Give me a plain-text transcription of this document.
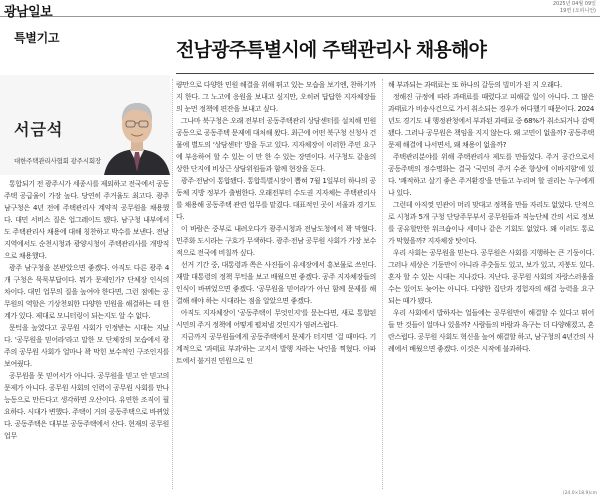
광남일보
2025년 04월 09일
19면 (오피니언)
특별기고
전남광주특별시에 주택관리사 채용해야
서금석
대한주택관리사협회 광주시회장

통합되기 전 광주시가 세종시를 제외하고 전국에서 공동주택 공급율이 가장 높다. 당연히 주거율도 최고다. 광주 남구청은 4년 전에 주택관리사 계약직 공무원을 채용했다. 대민 서비스 질은 업그레이드 됐다. 남구청 내부에서도 주택관리사 채용에 대해 칭찬하고 박수를 보낸다. 전남지역에서도 순천시청과 광양시청이 주택관리사를 개방직으로 채용했다.

광주 남구청을 본받았으면 좋겠다. 아직도 다른 광주 4개 구청은 묵묵부답이다. 뭐가 문제인가? 단체장 인식의 차이다. 대민 업무의 질을 높여야 한다면, 그런 점에는 공무원의 역할은 기상천외한 다양한 민원을 해결하는 데 한계가 있다. 제대로 모니터링이 되는지도 알 수 없다.

문턱을 높였다고 공무원 사회가 인정받는 시대는 지났다. '공무원을 믿어라'라고 말한 모 단체장의 모습에서 광주의 공무원 사회가 얼마나 꽉 막힌 보수적인 구조인지를 보여줬다.

공무원을 못 믿어서가 아니다. 공무원을 믿고 안 믿고의 문제가 아니다. 공무원 사회의 인력이 공무원 사회를 만나 능동으로 만든다고 생각하면 오산이다. 유연한 조직이 필요하다. 시대가 변했다. 주택이 거의 공동주택으로 바뀌었다. 공동주택은 대부분 공동주택에서 산다. 현재의 공무원 업무

량만으로 다양한 민원 해결을 위해 뛰고 있는 모습을 보기엔, 찬하기까지 한다. 그 노고에 응원을 보내고 싶지만, 오히려 답답한 지자체장들의 눈먼 정책에 편잔을 보내고 싶다.

그나마 북구청은 오래 전부터 공동주택관리 상담센터를 설치해 민원 공동으로 공동주택 문제에 대처해 왔다. 최근에 어떤 북구청 신청사 건물에 별도의 '상담센터' 방을 두고 있다. 지자체장이 이러한 주민 요구에 부응하여 할 수 있는 이 만 한 수 있는 장면이다. 서구청도 같음의 상한 단지에 비상근 상담위원들과 함께 현장을 돈다.

광주·전남이 통합됐다. 통합특별시장이 뽑혀 7월 1일부터 하나의 공동체 지방 정부가 출범한다. 오래전부터 수도권 지자체는 주택관리사를 채용해 공동주택 관련 업무를 맡겼다. 대표적인 곳이 서울과 경기도다.

이 바람은 중부로 내려오다가 광주시청과 전남도청에서 꽉 막혔다. 민주화 도시라는 구호가 무색하다. 광주·전남 공무원 사회가 가장 보수적으로 전국에 비칠까 싶다.

선거 기간 중, 대통령과 쪽은 사진들이 유세장에서 흥보물로 쓰인다. 재발 대통령의 정책 무턱을 보고 배웠으면 좋겠다. 공주 지자체장들의 인식이 바뀌었으면 좋겠다. '공무원을 믿어라'가 아닌 함께 문제를 해결해 해야 하는 시대라는 점을 알았으면 좋겠다.

아직도 지자체장이 '공동주택이 무엇인지'를 묻는다면, 새로 통합된 시민의 주거 정책에 어떻게 펼쳐낼 것인지가 염려스럽다.

지금까지 공무원들에게 공동주택에서 문제가 터지면 '걸 때마다. 기계적으로 '과태료 부과'하는 고지서 발행 자라는 낙인을 찍혔다. 아파트에서 불거진 민원으로 인

해 부과되는 과태료는 또 하나의 갈등의 빌미가 된 지 오래다.

정해진 규정에 따라 과태료를 때렸다고 피해갈 일이 아니다. 그 많은 과태료가 비송사건으로 가서 취소되는 경우가 허다했기 때문이다. 2024년도 경기도 내 행정관청에서 부과된 과태료 중 68%가 취소되거나 감액됐다. 그러나 공무원은 책임을 지지 않는다. 왜 고민이 없을까? 공동주택 문제 해결에 나서면서, 왜 채용이 없을까?

주택관리분야를 위해 주택관리사 제도를 만들었다. 주거 공간으로서 공동주택의 정수명화는 결국 '국민의 주거 수준 향상에 이바지함'에 있다. '쾌적하고 살기 좋은 주거환경'을 만들고 누리며 할 권리는 누구에게나 있다.

그런데 아직껏 민관이 머리 맞대고 정책을 만들 자리도 없었다. 단적으로 시청과 5개 구청 단당주무부서 공무원들과 직능단체 간의 서로 정보를 공유할만한 워크숍이나 세미나 같은 기회도 없었다. 왜 이러도 통로가 막혔을까? 지자체장 탓이다.

우리 사회는 공무원을 믿는다. 공무원은 사회를 지행하는 큰 기둥이다. 그러나 세상은 기둥만이 아니라 주춧돌도 있고, 보가 있고, 지붕도 있다. 혼자 할 수 있는 시대는 지나갔다. 지난다. 공무원 사회의 자랑스러움을 수는 있어도 늦어는 아니다. 다양한 집단과 경험자의 해결 능력을 요구되는 때가 됐다.

우리 사회에서 밥하자는 얼들에는 공무원만이 해결할 수 있다고 뛰어들 만 것들이 얼마나 있을까? 사람들의 바람과 욕구는 더 다양해졌고, 혼란스럽다. 공무원 사회도 혁신을 높여 해결할 하고, 남구청의 4년간의 사례에서 배웠으면 좋겠다. 이것은 시작에 불과하다.

(24.0×18.9)cm
